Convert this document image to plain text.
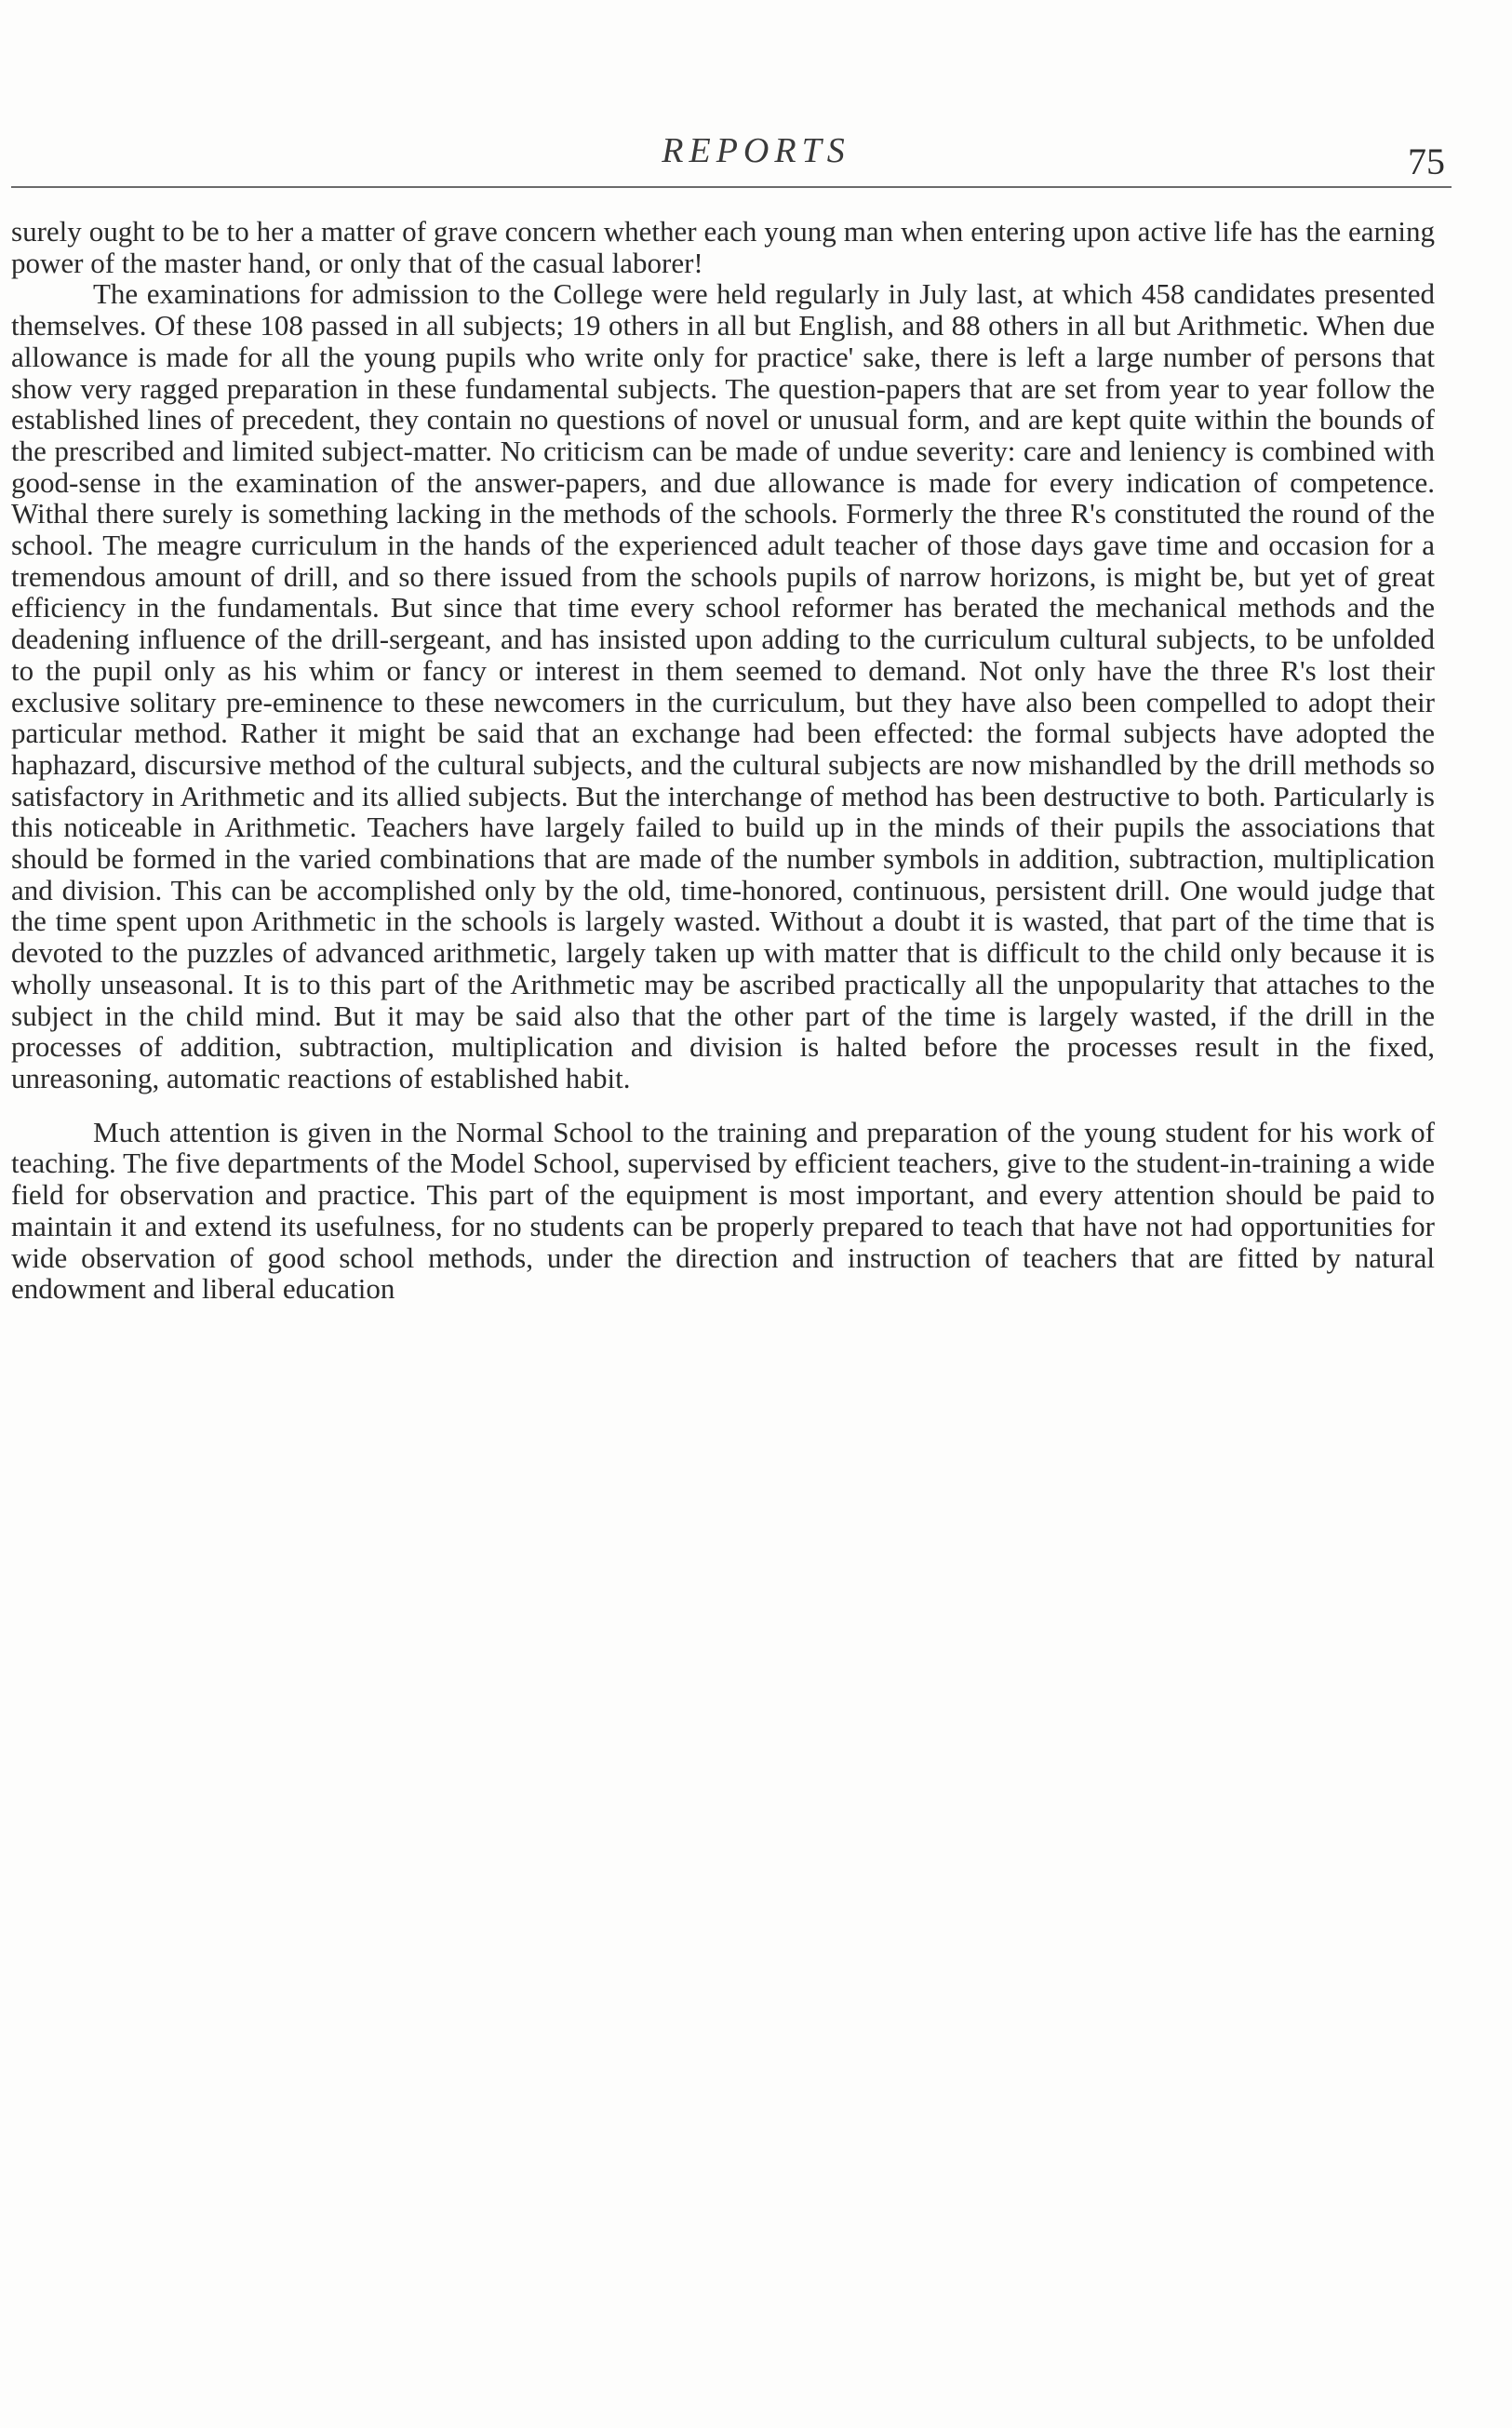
REPORTS	75

surely ought to be to her a matter of grave concern whether each young man when entering upon active life has the earning power of the master hand, or only that of the casual laborer!

The examinations for admission to the College were held regularly in July last, at which 458 candidates presented themselves. Of these 108 passed in all subjects; 19 others in all but English, and 88 others in all but Arithmetic. When due allowance is made for all the young pupils who write only for practice' sake, there is left a large number of persons that show very ragged preparation in these fundamental subjects. The question-papers that are set from year to year follow the established lines of precedent, they contain no questions of novel or unusual form, and are kept quite within the bounds of the prescribed and limited subject-matter. No criticism can be made of undue severity: care and leniency is combined with good-sense in the examination of the answer-papers, and due allowance is made for every indication of competence. Withal there surely is something lacking in the methods of the schools. Formerly the three R's constituted the round of the school. The meagre curriculum in the hands of the experienced adult teacher of those days gave time and occasion for a tremendous amount of drill, and so there issued from the schools pupils of narrow horizons, is might be, but yet of great efficiency in the fundamentals. But since that time every school reformer has berated the mechanical methods and the deadening influence of the drill-sergeant, and has insisted upon adding to the curriculum cultural subjects, to be unfolded to the pupil only as his whim or fancy or interest in them seemed to demand. Not only have the three R's lost their exclusive solitary pre-eminence to these newcomers in the curriculum, but they have also been compelled to adopt their particular method. Rather it might be said that an exchange had been effected: the formal subjects have adopted the haphazard, discursive method of the cultural subjects, and the cultural subjects are now mishandled by the drill methods so satisfactory in Arithmetic and its allied subjects. But the interchange of method has been destructive to both. Particularly is this noticeable in Arithmetic. Teachers have largely failed to build up in the minds of their pupils the associations that should be formed in the varied combinations that are made of the number symbols in addition, subtraction, multiplication and division. This can be accomplished only by the old, time-honored, continuous, persistent drill. One would judge that the time spent upon Arithmetic in the schools is largely wasted. Without a doubt it is wasted, that part of the time that is devoted to the puzzles of advanced arithmetic, largely taken up with matter that is difficult to the child only because it is wholly unseasonal. It is to this part of the Arithmetic may be ascribed practically all the unpopularity that attaches to the subject in the child mind. But it may be said also that the other part of the time is largely wasted, if the drill in the processes of addition, subtraction, multiplication and division is halted before the processes result in the fixed, unreasoning, automatic reactions of established habit.

Much attention is given in the Normal School to the training and preparation of the young student for his work of teaching. The five departments of the Model School, supervised by efficient teachers, give to the student-in-training a wide field for observation and practice. This part of the equipment is most important, and every attention should be paid to maintain it and extend its usefulness, for no students can be properly prepared to teach that have not had opportunities for wide observation of good school methods, under the direction and instruction of teachers that are fitted by natural endowment and liberal education
